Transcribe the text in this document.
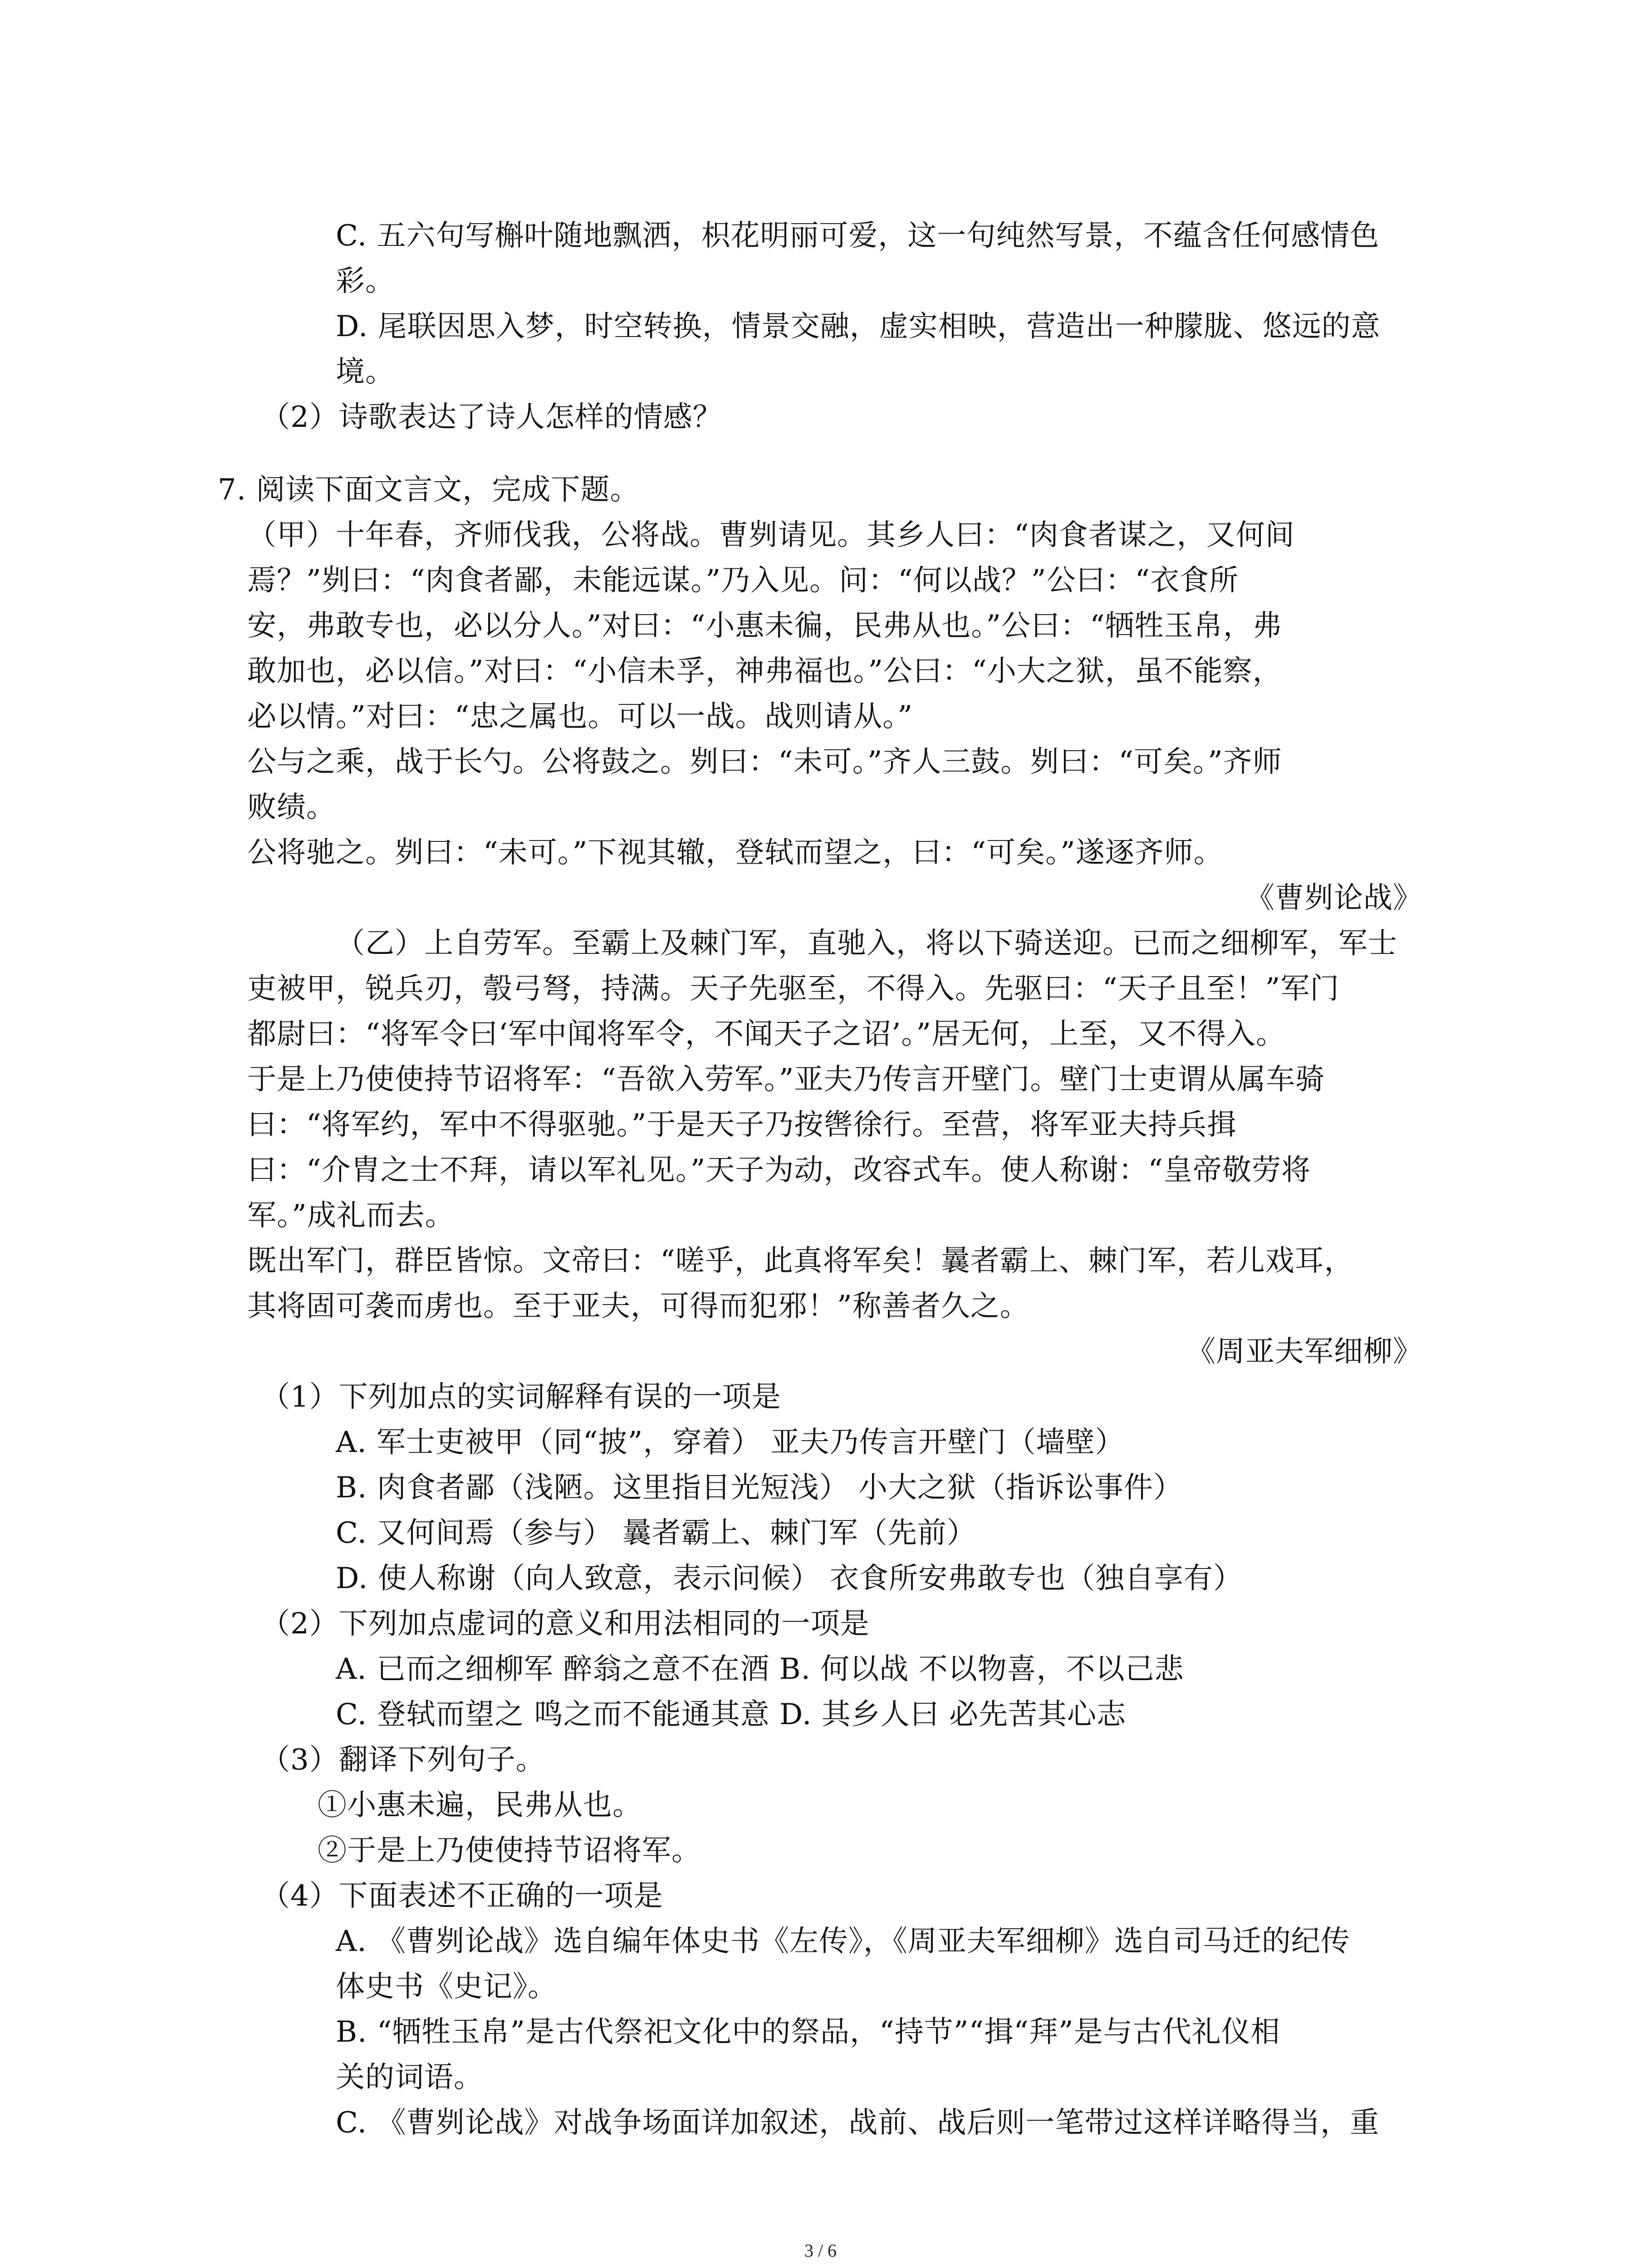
C. 五六句写槲叶随地飘洒，枳花明丽可爱，这一句纯然写景，不蕴含任何感情色
彩。
D. 尾联因思入梦，时空转换，情景交融，虚实相映，营造出一种朦胧、悠远的意
境。
（2）诗歌表达了诗人怎样的情感？
7. 阅读下面文言文，完成下题。
（甲）十年春，齐师伐我，公将战。曹刿请见。其乡人曰：“肉食者谋之，又何间
焉？”刿曰：“肉食者鄙，未能远谋。”乃入见。问：“何以战？”公曰：“衣食所
安，弗敢专也，必以分人。”对曰：“小惠未徧，民弗从也。”公曰：“牺牲玉帛，弗
敢加也，必以信。”对曰：“小信未孚，神弗福也。”公曰：“小大之狱，虽不能察，
必以情。”对曰：“忠之属也。可以一战。战则请从。”
公与之乘，战于长勺。公将鼓之。刿曰：“未可。”齐人三鼓。刿曰：“可矣。”齐师
败绩。
公将驰之。刿曰：“未可。”下视其辙，登轼而望之，曰：“可矣。”遂逐齐师。
《曹刿论战》
（乙）上自劳军。至霸上及棘门军，直驰入，将以下骑送迎。已而之细柳军，军士
吏被甲，锐兵刃，彀弓弩，持满。天子先驱至，不得入。先驱曰：“天子且至！”军门
都尉曰：“将军令曰‘军中闻将军令，不闻天子之诏’。”居无何，上至，又不得入。
于是上乃使使持节诏将军：“吾欲入劳军。”亚夫乃传言开壁门。壁门士吏谓从属车骑
曰：“将军约，军中不得驱驰。”于是天子乃按辔徐行。至营，将军亚夫持兵揖
曰：“介胄之士不拜，请以军礼见。”天子为动，改容式车。使人称谢：“皇帝敬劳将
军。”成礼而去。
既出军门，群臣皆惊。文帝曰：“嗟乎，此真将军矣！曩者霸上、棘门军，若儿戏耳，
其将固可袭而虏也。至于亚夫，可得而犯邪！”称善者久之。
《周亚夫军细柳》
（1）下列加点的实词解释有误的一项是
A. 军士吏被甲（同“披”，穿着） 亚夫乃传言开壁门（墙壁）
B. 肉食者鄙（浅陋。这里指目光短浅） 小大之狱（指诉讼事件）
C. 又何间焉（参与） 曩者霸上、棘门军（先前）
D. 使人称谢（向人致意，表示问候） 衣食所安弗敢专也（独自享有）
（2）下列加点虚词的意义和用法相同的一项是
A. 已而之细柳军 醉翁之意不在酒 B. 何以战 不以物喜，不以己悲
C. 登轼而望之 鸣之而不能通其意 D. 其乡人曰 必先苦其心志
（3）翻译下列句子。
①小惠未遍，民弗从也。
②于是上乃使使持节诏将军。
（4）下面表述不正确的一项是
A. 《曹刿论战》选自编年体史书《左传》，《周亚夫军细柳》选自司马迁的纪传
体史书《史记》。
B. “牺牲玉帛”是古代祭祀文化中的祭品，“持节”“揖“拜”是与古代礼仪相
关的词语。
C. 《曹刿论战》对战争场面详加叙述，战前、战后则一笔带过这样详略得当，重
3 / 6
